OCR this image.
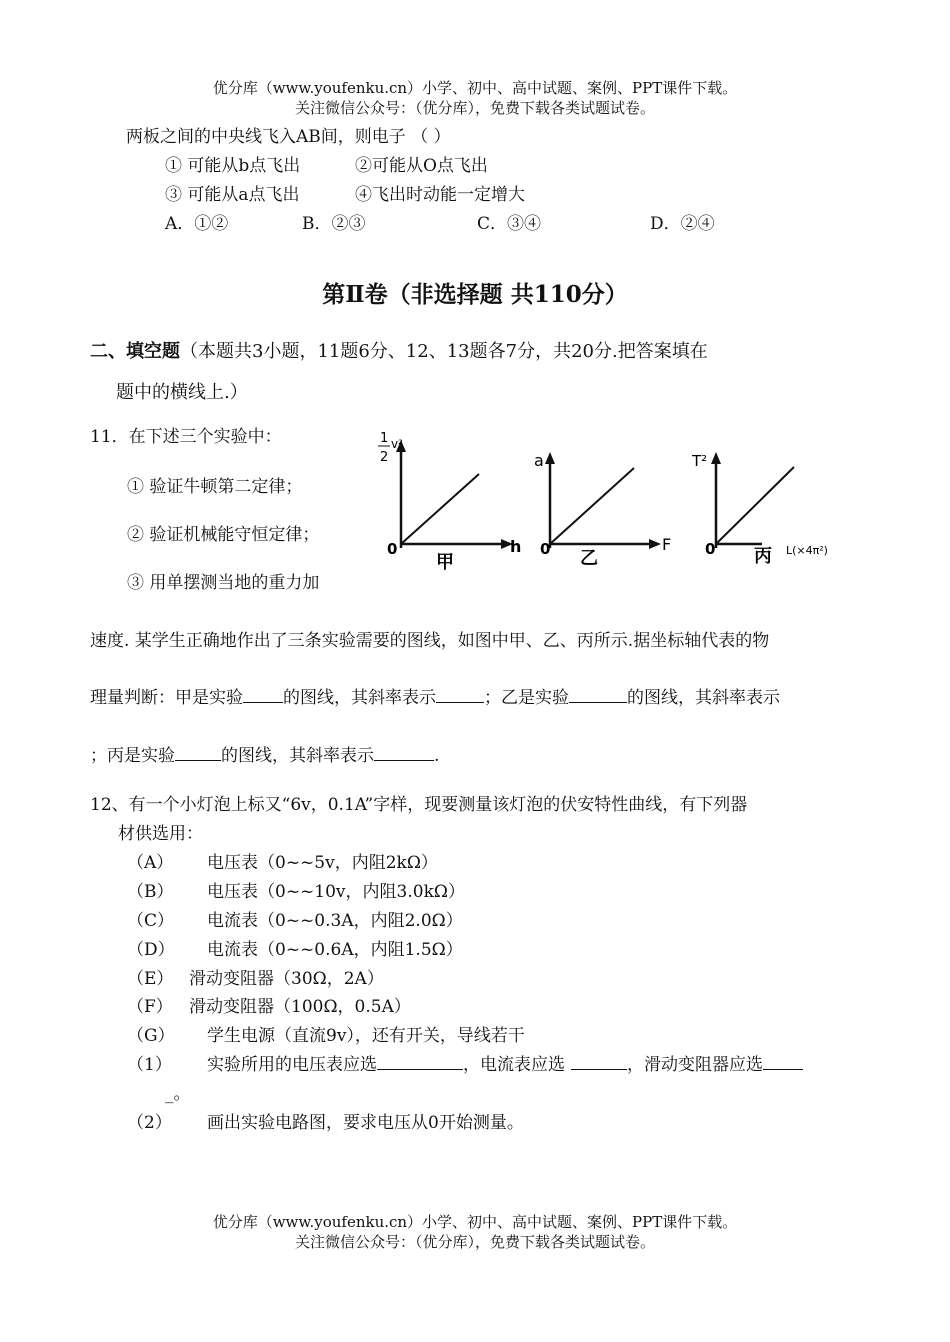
优分库（www.youfenku.cn）小学、初中、高中试题、案例、PPT课件下载。
关注微信公众号：（优分库），免费下载各类试题试卷。
两板之间的中央线飞入AB间，则电子 （ ）
① 可能从b点飞出	②可能从O点飞出
③ 可能从a点飞出	④飞出时动能一定增大
A．①②	B．②③	C．③④	D．②④
第Ⅱ卷（非选择题 共110分）
二、填空题（本题共3小题，11题6分、12、13题各7分，共20分.把答案填在
题中的横线上.）
11．在下述三个实验中：
① 验证牛顿第二定律；
② 验证机械能守恒定律；
③ 用单摆测当地的重力加
1
2
v²
0	h
甲
a
0	F
乙
T²
0	L(×4π²)
丙
速度. 某学生正确地作出了三条实验需要的图线，如图中甲、乙、丙所示.据坐标轴代表的物
理量判断：甲是实验 的图线，其斜率表示	；乙是实验	的图线，其斜率表示
；丙是实验	的图线，其斜率表示	.
12、有一个小灯泡上标又“6v，0.1A”字样，现要测量该灯泡的伏安特性曲线，有下列器
材供选用：
（A） 电压表（0~~5v，内阻2kΩ）
（B） 电压表（0~~10v，内阻3.0kΩ）
（C） 电流表（0~~0.3A，内阻2.0Ω）
（D） 电流表（0~~0.6A，内阻1.5Ω）
（E） 滑动变阻器（30Ω，2A）
（F） 滑动变阻器（100Ω，0.5A）
（G） 学生电源（直流9v），还有开关，导线若干
（1） 实验所用的电压表应选	，电流表应选	，滑动变阻器应选
_。
（2） 画出实验电路图，要求电压从0开始测量。
优分库（www.youfenku.cn）小学、初中、高中试题、案例、PPT课件下载。
关注微信公众号：（优分库），免费下载各类试题试卷。
